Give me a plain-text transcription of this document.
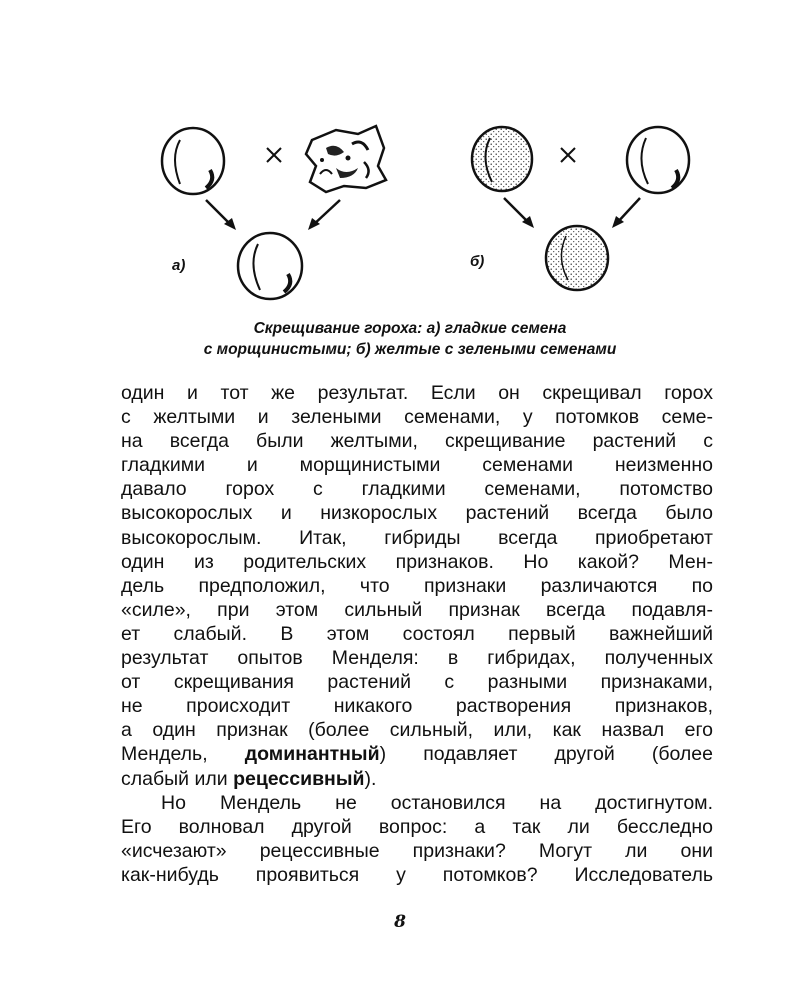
а)	б)
Скрещивание гороха: а) гладкие семена
с морщинистыми; б) желтые с зелеными семенами
один и тот же результат. Если он скрещивал горох
с желтыми и зелеными семенами, у потомков семе-
на всегда были желтыми, скрещивание растений с
гладкими и морщинистыми семенами неизменно
давало горох с гладкими семенами, потомство
высокорослых и низкорослых растений всегда было
высокорослым. Итак, гибриды всегда приобретают
один из родительских признаков. Но какой? Мен-
дель предположил, что признаки различаются по
«силе», при этом сильный признак всегда подавля-
ет слабый. В этом состоял первый важнейший
результат опытов Менделя: в гибридах, полученных
от скрещивания растений с разными признаками,
не происходит никакого растворения признаков,
а один признак (более сильный, или, как назвал его
Мендель, доминантный) подавляет другой (более
слабый или рецессивный).
Но Мендель не остановился на достигнутом.
Его волновал другой вопрос: а так ли бесследно
«исчезают» рецессивные признаки? Могут ли они
как-нибудь проявиться у потомков? Исследователь
8
